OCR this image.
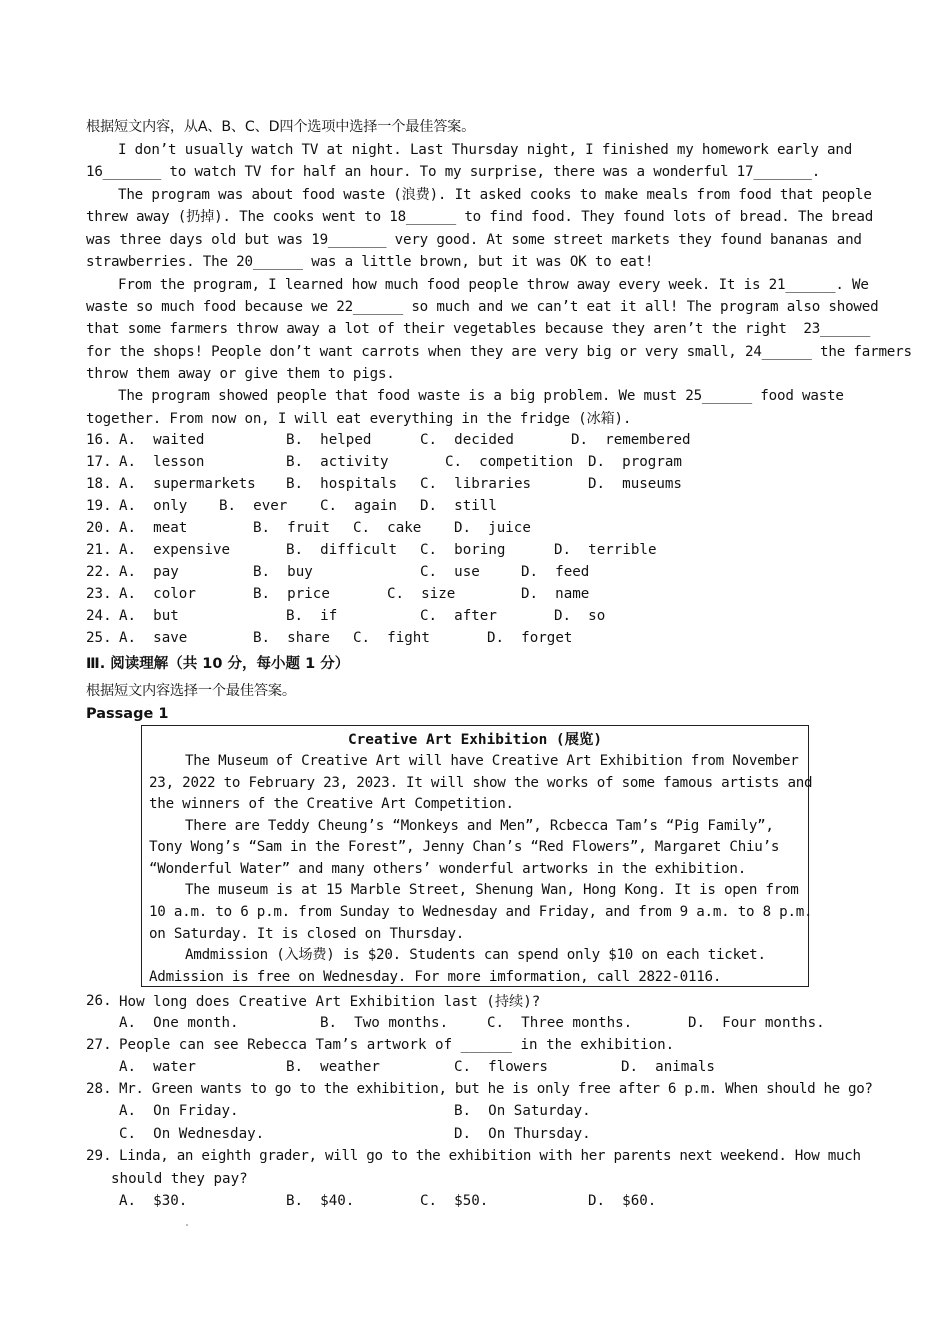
根据短文内容，从A、B、C、D四个选项中选择一个最佳答案。
I don’t usually watch TV at night. Last Thursday night, I finished my homework early and
16_______ to watch TV for half an hour. To my surprise, there was a wonderful 17_______.
The program was about food waste (浪费). It asked cooks to make meals from food that people
threw away (扔掉). The cooks went to 18______ to find food. They found lots of bread. The bread
was three days old but was 19_______ very good. At some street markets they found bananas and
strawberries. The 20______ was a little brown, but it was OK to eat!
From the program, I learned how much food people throw away every week. It is 21______. We
waste so much food because we 22______ so much and we can’t eat it all! The program also showed
that some farmers throw away a lot of their vegetables because they aren’t the right  23______
for the shops! People don’t want carrots when they are very big or very small, 24______ the farmers
throw them away or give them to pigs.
The program showed people that food waste is a big problem. We must 25______ food waste
together. From now on, I will eat everything in the fridge (冰箱).
16. A.  waited	B.  helped	C.  decided	D.  remembered
17. A.  lesson	B.  activity	C.  competition D.  program
18. A.  supermarkets B.  hospitals C.  libraries	D.  museums
19. A.  only B.  ever C.  again D.  still
20. A.  meat	B.  fruit C.  cake D.  juice
21. A.  expensive	B.  difficult C.  boring	D.  terrible
22. A.  pay	B.  buy	C.  use	D.  feed
23. A.  color	B.  price	C.  size	D.  name
24. A.  but	B.  if	C.  after	D.  so
25. A.  save	B.  share C.  fight	D.  forget
Ⅲ. 阅读理解（共 10 分，每小题 1 分）
根据短文内容选择一个最佳答案。
Passage 1
Creative Art Exhibition (展览)
The Museum of Creative Art will have Creative Art Exhibition from November
23, 2022 to February 23, 2023. It will show the works of some famous artists and
the winners of the Creative Art Competition.
There are Teddy Cheung’s “Monkeys and Men”, Rcbecca Tam’s “Pig Family”,
Tony Wong’s “Sam in the Forest”, Jenny Chan’s “Red Flowers”, Margaret Chiu’s
“Wonderful Water” and many others’ wonderful artworks in the exhibition.
The museum is at 15 Marble Street, Shenung Wan, Hong Kong. It is open from
10 a.m. to 6 p.m. from Sunday to Wednesday and Friday, and from 9 a.m. to 8 p.m.
on Saturday. It is closed on Thursday.
Amdmission (入场费) is $20. Students can spend only $10 on each ticket.
Admission is free on Wednesday. For more imformation, call 2822-0116.
26. How long does Creative Art Exhibition last (持续)?
A.  One month.	B.  Two months.	C.  Three months.	D.  Four months.
27. People can see Rebecca Tam’s artwork of ______ in the exhibition.
A.  water	B.  weather	C.  flowers	D.  animals
28. Mr. Green wants to go to the exhibition, but he is only free after 6 p.m. When should he go?
A.  On Friday.	B.  On Saturday.
C.  On Wednesday.	D.  On Thursday.
29. Linda, an eighth grader, will go to the exhibition with her parents next weekend. How much
should they pay?
A.  $30.	B.  $40.	C.  $50.	D.  $60.
